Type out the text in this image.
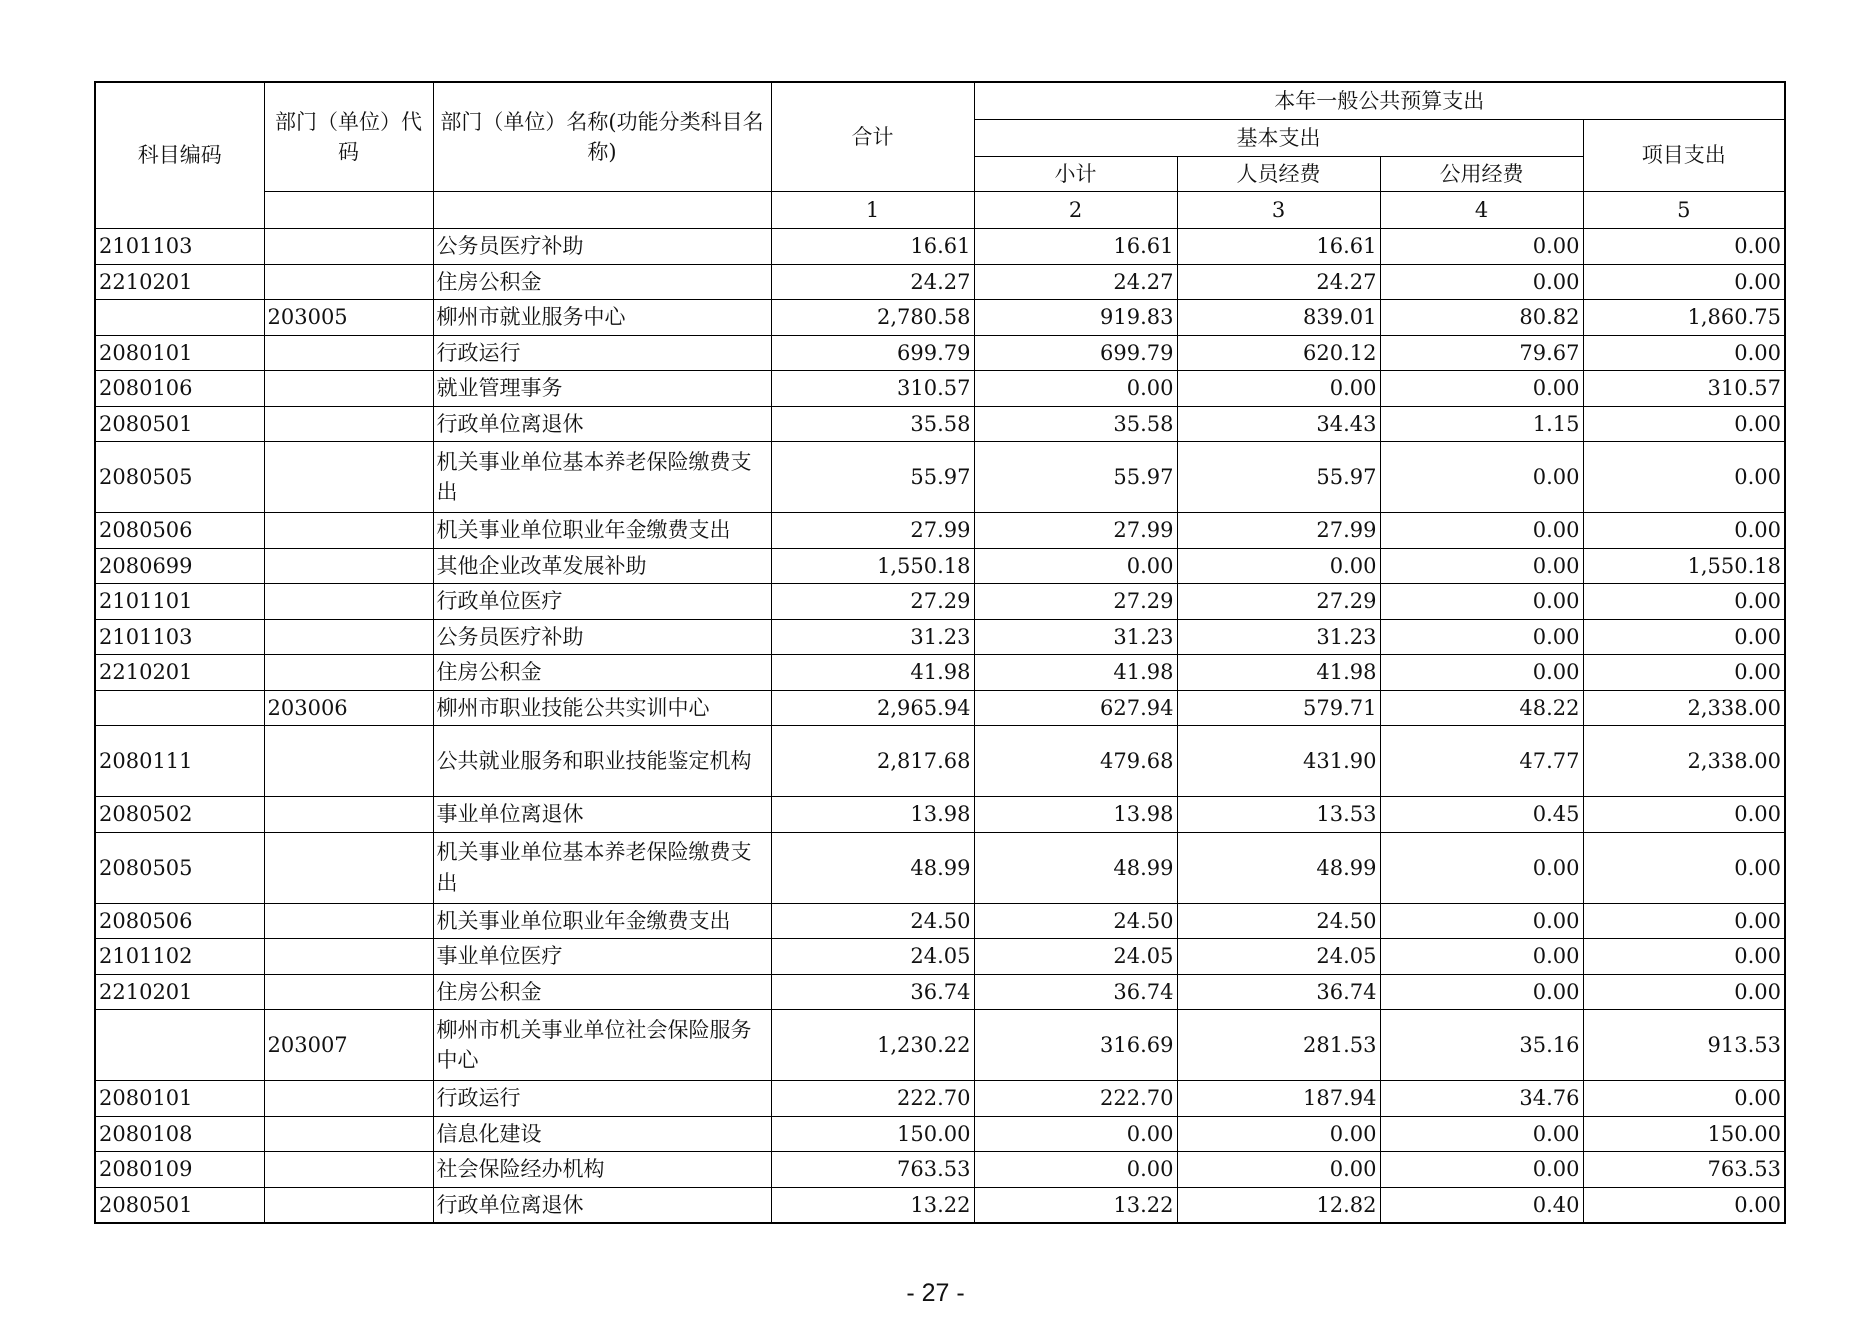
科目编码	部门（单位）代码	部门（单位）名称(功能分类科目名称)	合计	本年一般公共预算支出			
				基本支出			项目支出
				小计	人员经费	公用经费	
			1	2	3	4	5
2101103		公务员医疗补助	16.61	16.61	16.61	0.00	0.00
2210201		住房公积金	24.27	24.27	24.27	0.00	0.00
	203005	柳州市就业服务中心	2,780.58	919.83	839.01	80.82	1,860.75
2080101		行政运行	699.79	699.79	620.12	79.67	0.00
2080106		就业管理事务	310.57	0.00	0.00	0.00	310.57
2080501		行政单位离退休	35.58	35.58	34.43	1.15	0.00
2080505		机关事业单位基本养老保险缴费支出	55.97	55.97	55.97	0.00	0.00
2080506		机关事业单位职业年金缴费支出	27.99	27.99	27.99	0.00	0.00
2080699		其他企业改革发展补助	1,550.18	0.00	0.00	0.00	1,550.18
2101101		行政单位医疗	27.29	27.29	27.29	0.00	0.00
2101103		公务员医疗补助	31.23	31.23	31.23	0.00	0.00
2210201		住房公积金	41.98	41.98	41.98	0.00	0.00
	203006	柳州市职业技能公共实训中心	2,965.94	627.94	579.71	48.22	2,338.00
2080111		公共就业服务和职业技能鉴定机构	2,817.68	479.68	431.90	47.77	2,338.00
2080502		事业单位离退休	13.98	13.98	13.53	0.45	0.00
2080505		机关事业单位基本养老保险缴费支出	48.99	48.99	48.99	0.00	0.00
2080506		机关事业单位职业年金缴费支出	24.50	24.50	24.50	0.00	0.00
2101102		事业单位医疗	24.05	24.05	24.05	0.00	0.00
2210201		住房公积金	36.74	36.74	36.74	0.00	0.00
	203007	柳州市机关事业单位社会保险服务中心	1,230.22	316.69	281.53	35.16	913.53
2080101		行政运行	222.70	222.70	187.94	34.76	0.00
2080108		信息化建设	150.00	0.00	0.00	0.00	150.00
2080109		社会保险经办机构	763.53	0.00	0.00	0.00	763.53
2080501		行政单位离退休	13.22	13.22	12.82	0.40	0.00
- 27 -
